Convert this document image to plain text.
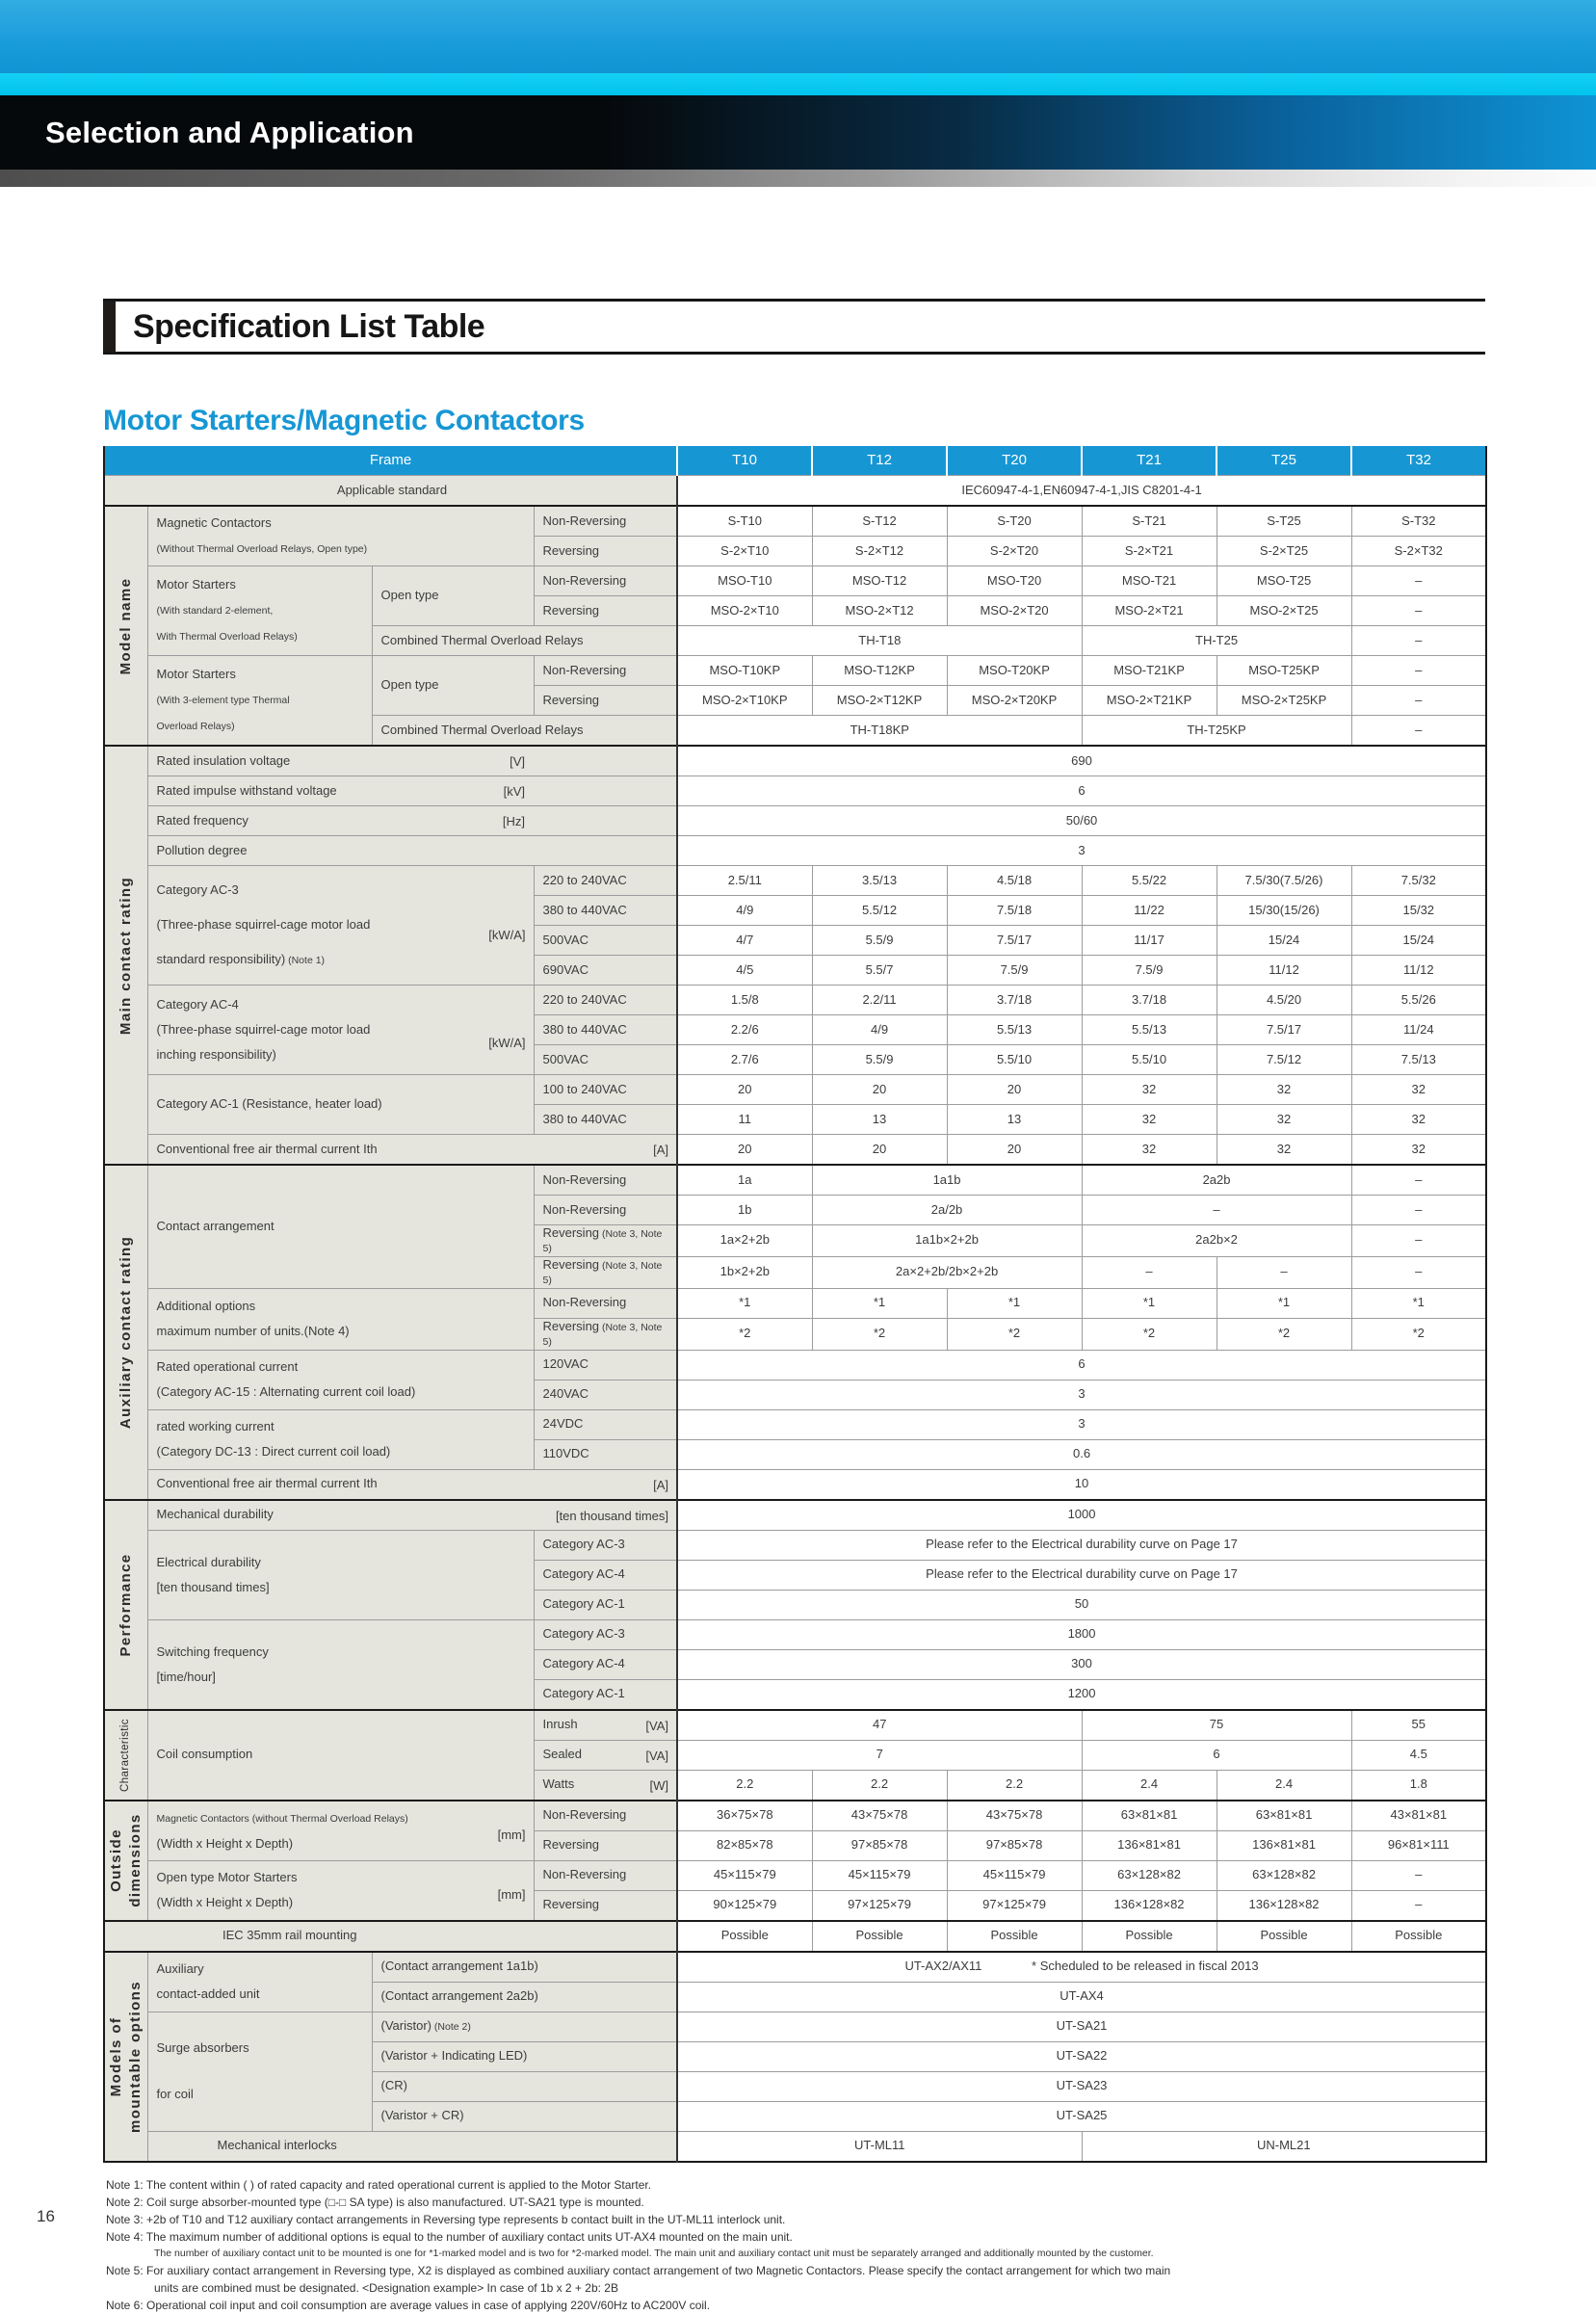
Selection and Application
Specification List Table
Motor Starters/Magnetic Contactors
Frame				T10	T12	T20	T21	T25	T32
Applicable standard				IEC60947-4-1,EN60947-4-1,JIS C8201-4-1					

Model name	Magnetic Contactors
(Without Thermal Overload Relays, Open type)		Non-Reversing	S-T10	S-T12	S-T20	S-T21	S-T25	S-T32
			Reversing	S-2×T10	S-2×T12	S-2×T20	S-2×T21	S-2×T25	S-2×T32
	Motor Starters
(With standard 2-element,
With Thermal Overload Relays)	Open type	Non-Reversing	MSO-T10	MSO-T12	MSO-T20	MSO-T21	MSO-T25	–
			Reversing	MSO-2×T10	MSO-2×T12	MSO-2×T20	MSO-2×T21	MSO-2×T25	–
		Combined Thermal Overload Relays		TH-T18			TH-T25		–
	Motor Starters
(With 3-element type Thermal
Overload Relays)	Open type	Non-Reversing	MSO-T10KP	MSO-T12KP	MSO-T20KP	MSO-T21KP	MSO-T25KP	–
			Reversing	MSO-2×T10KP	MSO-2×T12KP	MSO-2×T20KP	MSO-2×T21KP	MSO-2×T25KP	–
		Combined Thermal Overload Relays		TH-T18KP			TH-T25KP		–

Main contact rating	Rated insulation voltage [V]			690					
	Rated impulse withstand voltage [kV]			6					
	Rated frequency [Hz]			50/60					
	Pollution degree			3					
	Category AC-3
(Three-phase squirrel-cage motor load
standard responsibility) (Note 1)
[kW/A]		220 to 240VAC	2.5/11	3.5/13	4.5/18	5.5/22	7.5/30(7.5/26)	7.5/32
			380 to 440VAC	4/9	5.5/12	7.5/18	11/22	15/30(15/26)	15/32
			500VAC	4/7	5.5/9	7.5/17	11/17	15/24	15/24
			690VAC	4/5	5.5/7	7.5/9	7.5/9	11/12	11/12
	Category AC-4
(Three-phase squirrel-cage motor load
inching responsibility)
[kW/A]		220 to 240VAC	1.5/8	2.2/11	3.7/18	3.7/18	4.5/20	5.5/26
			380 to 440VAC	2.2/6	4/9	5.5/13	5.5/13	7.5/17	11/24
			500VAC	2.7/6	5.5/9	5.5/10	5.5/10	7.5/12	7.5/13
	Category AC-1 (Resistance, heater load)		100 to 240VAC	20	20	20	32	32	32
			380 to 440VAC	11	13	13	32	32	32
	Conventional free air thermal current Ith [A]			20	20	20	32	32	32

Auxiliary contact rating	Contact arrangement		Non-Reversing	1a	1a1b		2a2b		–
			Non-Reversing	1b	2a/2b		–		–
			Reversing (Note 3, Note 5)	1a×2+2b	1a1b×2+2b		2a2b×2		–
			Reversing (Note 3, Note 5)	1b×2+2b	2a×2+2b/2b×2+2b		–	–	–
	Additional options
maximum number of units.(Note 4)		Non-Reversing	*1	*1	*1	*1	*1	*1
			Reversing (Note 3, Note 5)	*2	*2	*2	*2	*2	*2
	Rated operational current
(Category AC-15 : Alternating current coil load)		120VAC	6					
			240VAC	3					
	rated working current
(Category DC-13 : Direct current coil load)		24VDC	3					
			110VDC	0.6					
	Conventional free air thermal current Ith [A]			10					

Performance	Mechanical durability [ten thousand times]			1000					
	Electrical durability
[ten thousand times]		Category AC-3	Please refer to the Electrical durability curve on Page 17					
			Category AC-4	Please refer to the Electrical durability curve on Page 17					
			Category AC-1	50					
	Switching frequency
[time/hour]		Category AC-3	1800					
			Category AC-4	300					
			Category AC-1	1200					

Characteristic	Coil consumption		Inrush [VA]	47			75		55
			Sealed [VA]	7			6		4.5
			Watts [W]	2.2	2.2	2.2	2.4	2.4	1.8

Outside dimensions	Magnetic Contactors (without Thermal Overload Relays)
(Width x Height x Depth)
[mm]		Non-Reversing	36×75×78	43×75×78	43×75×78	63×81×81	63×81×81	43×81×81
			Reversing	82×85×78	97×85×78	97×85×78	136×81×81	136×81×81	96×81×111
	Open type Motor Starters
(Width x Height x Depth)
[mm]		Non-Reversing	45×115×79	45×115×79	45×115×79	63×128×82	63×128×82	–
			Reversing	90×125×79	97×125×79	97×125×79	136×128×82	136×128×82	–
IEC 35mm rail mounting				Possible	Possible	Possible	Possible	Possible	Possible

Models of mountable options	Auxiliary
contact-added unit	(Contact arrangement 1a1b)		UT-AX2/AX11 * Scheduled to be released in fiscal 2013					
		(Contact arrangement 2a2b)		UT-AX4					
	Surge absorbers
for coil	(Varistor) (Note 2)		UT-SA21					
		(Varistor + Indicating LED)		UT-SA22					
		(CR)		UT-SA23					
		(Varistor + CR)		UT-SA25					
	Mechanical interlocks			UT-ML11			UN-ML21		
Note 1: The content within ( ) of rated capacity and rated operational current is applied to the Motor Starter.
Note 2: Coil surge absorber-mounted type (□-□ SA type) is also manufactured. UT-SA21 type is mounted.
Note 3: +2b of T10 and T12 auxiliary contact arrangements in Reversing type represents b contact built in the UT-ML11 interlock unit.
Note 4: The maximum number of additional options is equal to the number of auxiliary contact units UT-AX4 mounted on the main unit.
The number of auxiliary contact unit to be mounted is one for *1-marked model and is two for *2-marked model. The main unit and auxiliary contact unit must be separately arranged and additionally mounted by the customer.
Note 5: For auxiliary contact arrangement in Reversing type, X2 is displayed as combined auxiliary contact arrangement of two Magnetic Contactors. Please specify the contact arrangement for which two main
units are combined must be designated. <Designation example> In case of 1b x 2 + 2b: 2B
Note 6: Operational coil input and coil consumption are average values in case of applying 220V/60Hz to AC200V coil.
16
